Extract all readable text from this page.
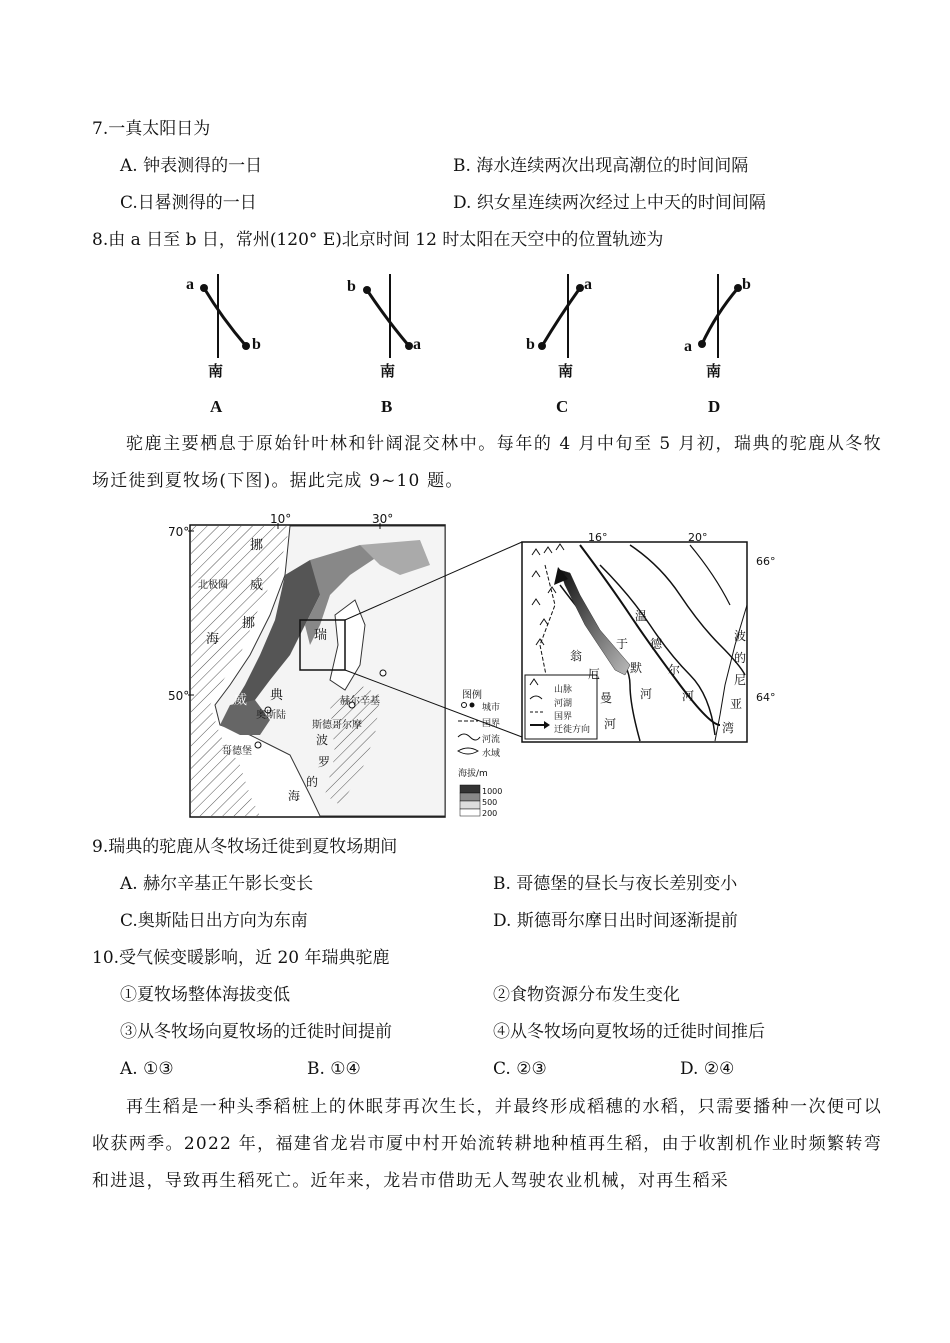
7.一真太阳日为
A. 钟表测得的一日	B. 海水连续两次出现高潮位的时间间隔
C.日晷测得的一日	D. 织女星连续两次经过上中天的时间间隔
8.由 a 日至 b 日，常州(120° E)北京时间 12 时太阳在天空中的位置轨迹为
a
b
南
A
b
a
南
B
a
b
南
C
b
a
南
D
驼鹿主要栖息于原始针叶林和针阔混交林中。每年的 4 月中旬至 5 月初，瑞典的驼鹿从冬牧场迁徙到夏牧场(下图)。据此完成 9~10 题。
70°
50°
10°	30°
挪
威
挪
威
北极圈
海	瑞
典	赫尔辛基
奥斯陆
斯德哥尔摩
哥德堡
波
罗
的
海
图例
城市
国界
河流
水域
海拔/m
1000
500
200
16°	20°
66°
64°
温
德
尔
河
于
默
河
翁
厄
曼
河
波
的
尼
亚
湾
山脉
河湖
国界
迁徙方向
9.瑞典的驼鹿从冬牧场迁徙到夏牧场期间
A. 赫尔辛基正午影长变长	B. 哥德堡的昼长与夜长差别变小
C.奥斯陆日出方向为东南	D. 斯德哥尔摩日出时间逐渐提前
10.受气候变暖影响，近 20 年瑞典驼鹿
①夏牧场整体海拔变低	②食物资源分布发生变化
③从冬牧场向夏牧场的迁徙时间提前	④从冬牧场向夏牧场的迁徙时间推后
A. ①③	B. ①④	C. ②③	D. ②④
再生稻是一种头季稻桩上的休眠芽再次生长，并最终形成稻穗的水稻，只需要播种一次便可以收获两季。2022 年，福建省龙岩市厦中村开始流转耕地种植再生稻，由于收割机作业时频繁转弯和进退，导致再生稻死亡。近年来，龙岩市借助无人驾驶农业机械，对再生稻采
